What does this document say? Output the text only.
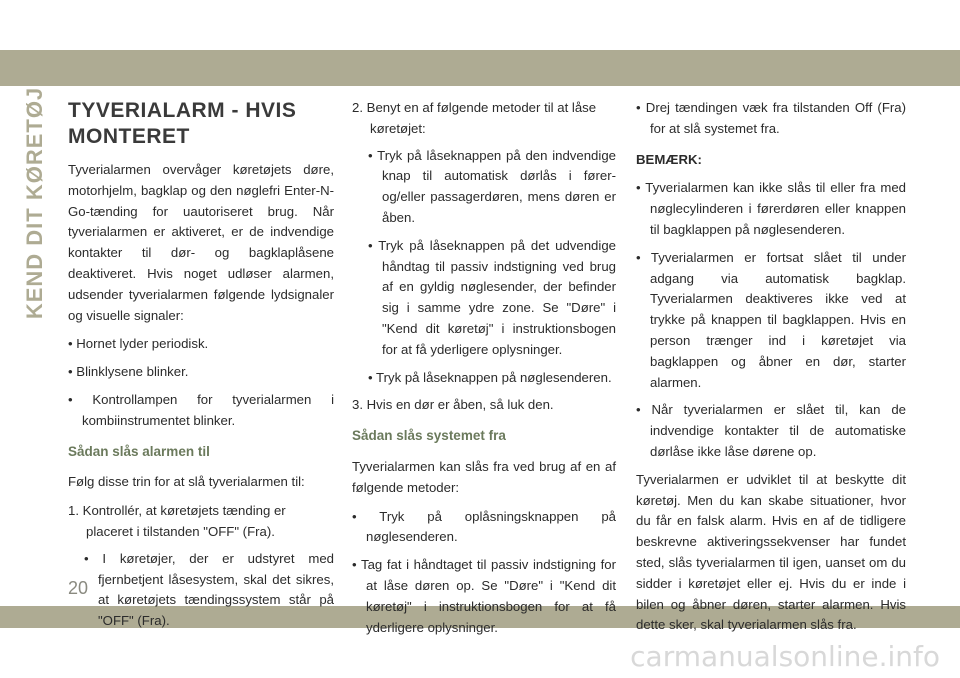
KEND DIT KØRETØJ TYVERIALARM - HVIS MONTERET

Tyverialarmen overvåger køretøjets døre, motorhjelm, bagklap og den nøglefri Enter-N-Go-tænding for uautoriseret brug. Når tyverialarmen er aktiveret, er de indvendige kontakter til dør- og bagklaplåsene deaktiveret. Hvis noget udløser alarmen, udsender tyverialarmen følgende lydsignaler og visuelle signaler:

• Hornet lyder periodisk.
• Blinklysene blinker.
• Kontrollampen for tyverialarmen i kombiinstrumentet blinker.
Sådan slås alarmen til

Følg disse trin for at slå tyverialarmen til:

1. Kontrollér, at køretøjets tænding er placeret i tilstanden "OFF" (Fra).
• I køretøjer, der er udstyret med fjernbetjent låsesystem, skal det sikres, at køretøjets tændingssystem står på "OFF" (Fra).
2. Benyt en af følgende metoder til at låse køretøjet:
• Tryk på låseknappen på den indvendige knap til automatisk dørlås i fører- og/eller passagerdøren, mens døren er åben.
• Tryk på låseknappen på det udvendige håndtag til passiv indstigning ved brug af en gyldig nøglesender, der befinder sig i samme ydre zone. Se "Døre" i "Kend dit køretøj" i instruktionsbogen for at få yderligere oplysninger.
• Tryk på låseknappen på nøglesenderen.
3. Hvis en dør er åben, så luk den.
Sådan slås systemet fra

Tyverialarmen kan slås fra ved brug af en af følgende metoder:

• Tryk på oplåsningsknappen på nøglesenderen.
• Tag fat i håndtaget til passiv indstigning for at låse døren op. Se "Døre" i "Kend dit køretøj" i instruktionsbogen for at få yderligere oplysninger.
• Drej tændingen væk fra tilstanden Off (Fra) for at slå systemet fra.
BEMÆRK:
• Tyverialarmen kan ikke slås til eller fra med nøglecylinderen i førerdøren eller knappen til bagklappen på nøglesenderen.
• Tyverialarmen er fortsat slået til under adgang via automatisk bagklap. Tyverialarmen deaktiveres ikke ved at trykke på knappen til bagklappen. Hvis en person trænger ind i køretøjet via bagklappen og åbner en dør, starter alarmen.
• Når tyverialarmen er slået til, kan de indvendige kontakter til de automatiske dørlåse ikke låse dørene op.

Tyverialarmen er udviklet til at beskytte dit køretøj. Men du kan skabe situationer, hvor du får en falsk alarm. Hvis en af de tidligere beskrevne aktiveringssekvenser har fundet sted, slås tyverialarmen til igen, uanset om du sidder i køretøjet eller ej. Hvis du er inde i bilen og åbner døren, starter alarmen. Hvis dette sker, skal tyverialarmen slås fra.

20
carmanualsonline.info
